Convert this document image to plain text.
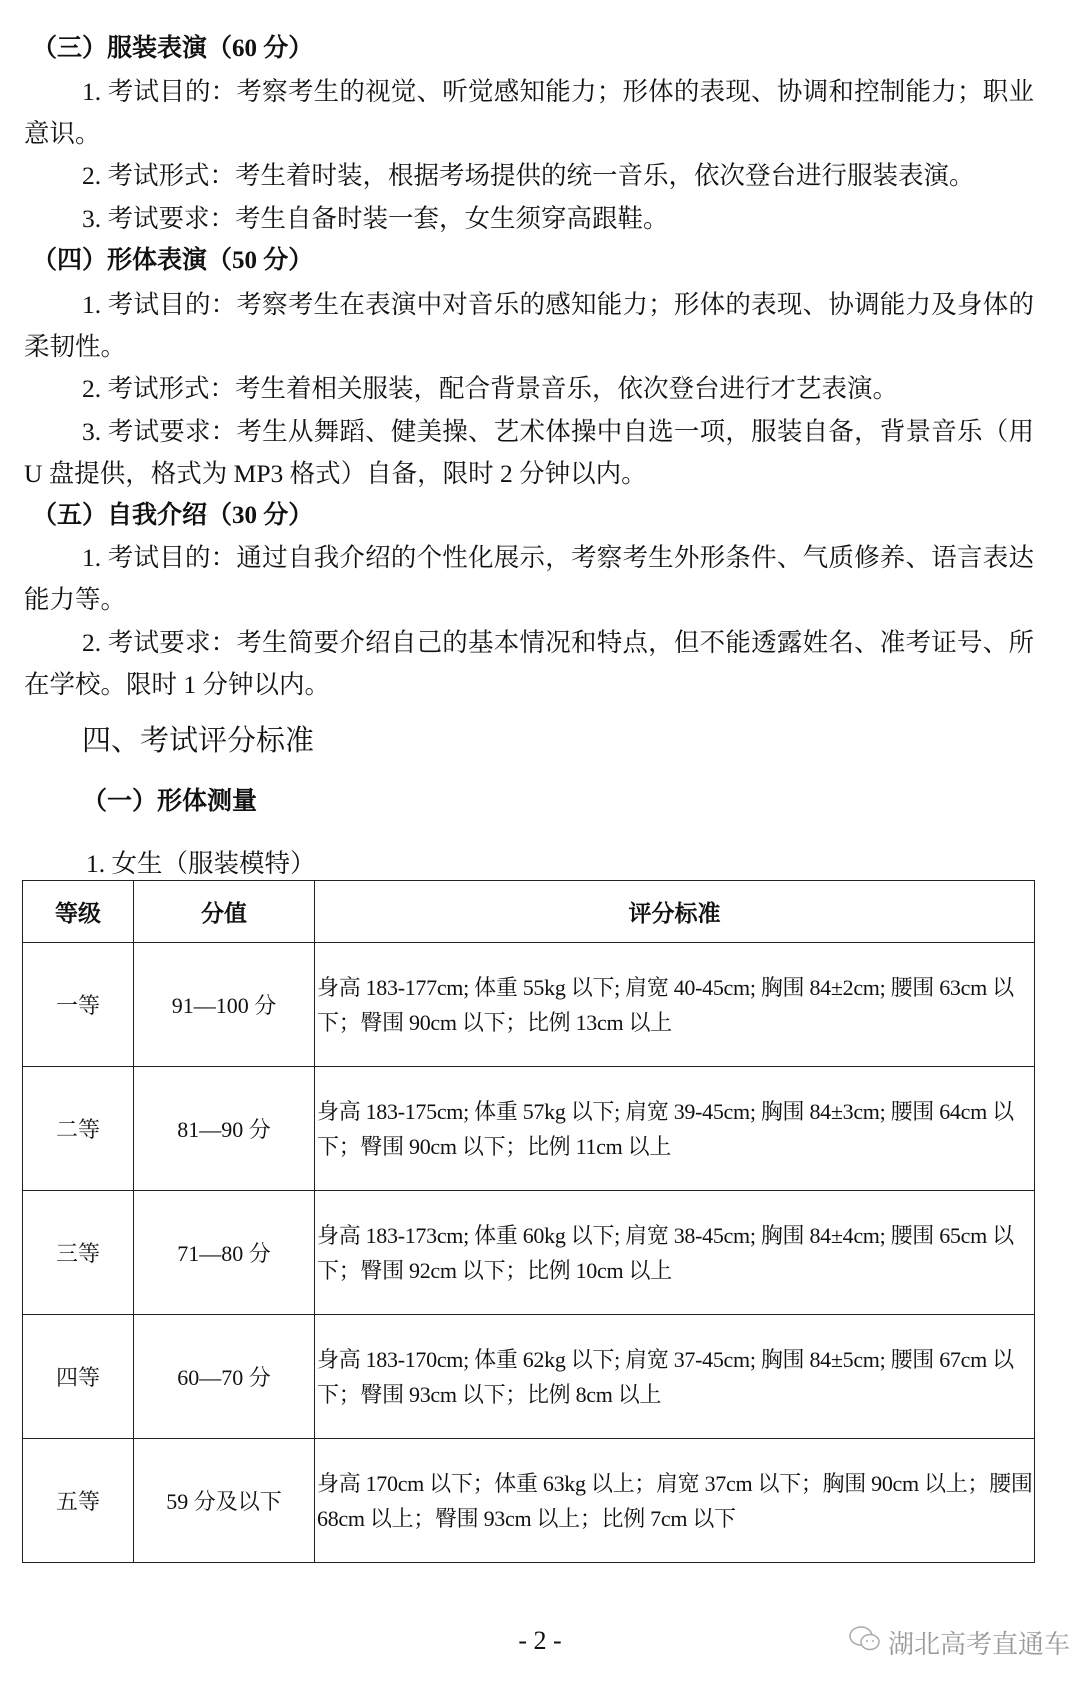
（三）服装表演（60 分）

1. 考试目的：考察考生的视觉、听觉感知能力；形体的表现、协调和控制能力；职业意识。

2. 考试形式：考生着时装，根据考场提供的统一音乐，依次登台进行服装表演。

3. 考试要求：考生自备时装一套，女生须穿高跟鞋。

（四）形体表演（50 分）

1. 考试目的：考察考生在表演中对音乐的感知能力；形体的表现、协调能力及身体的柔韧性。

2. 考试形式：考生着相关服装，配合背景音乐，依次登台进行才艺表演。

3. 考试要求：考生从舞蹈、健美操、艺术体操中自选一项，服装自备，背景音乐（用 U 盘提供，格式为 MP3 格式）自备，限时 2 分钟以内。

（五）自我介绍（30 分）

1. 考试目的：通过自我介绍的个性化展示，考察考生外形条件、气质修养、语言表达能力等。

2. 考试要求：考生简要介绍自己的基本情况和特点，但不能透露姓名、准考证号、所在学校。限时 1 分钟以内。

四、考试评分标准
（一）形体测量
1. 女生（服装模特）
等级	分值	评分标准
一等	91—100 分	身高 183-177cm; 体重 55kg 以下; 肩宽 40-45cm; 胸围 84±2cm; 腰围 63cm 以下；臀围 90cm 以下；比例 13cm 以上
二等	81—90 分	身高 183-175cm; 体重 57kg 以下; 肩宽 39-45cm; 胸围 84±3cm; 腰围 64cm 以下；臀围 90cm 以下；比例 11cm 以上
三等	71—80 分	身高 183-173cm; 体重 60kg 以下; 肩宽 38-45cm; 胸围 84±4cm; 腰围 65cm 以下；臀围 92cm 以下；比例 10cm 以上
四等	60—70 分	身高 183-170cm; 体重 62kg 以下; 肩宽 37-45cm; 胸围 84±5cm; 腰围 67cm 以下；臀围 93cm 以下；比例 8cm 以上
五等	59 分及以下	身高 170cm 以下；体重 63kg 以上；肩宽 37cm 以下；胸围 90cm 以上；腰围 68cm 以上；臀围 93cm 以上；比例 7cm 以下
- 2 -	湖北高考直通车
